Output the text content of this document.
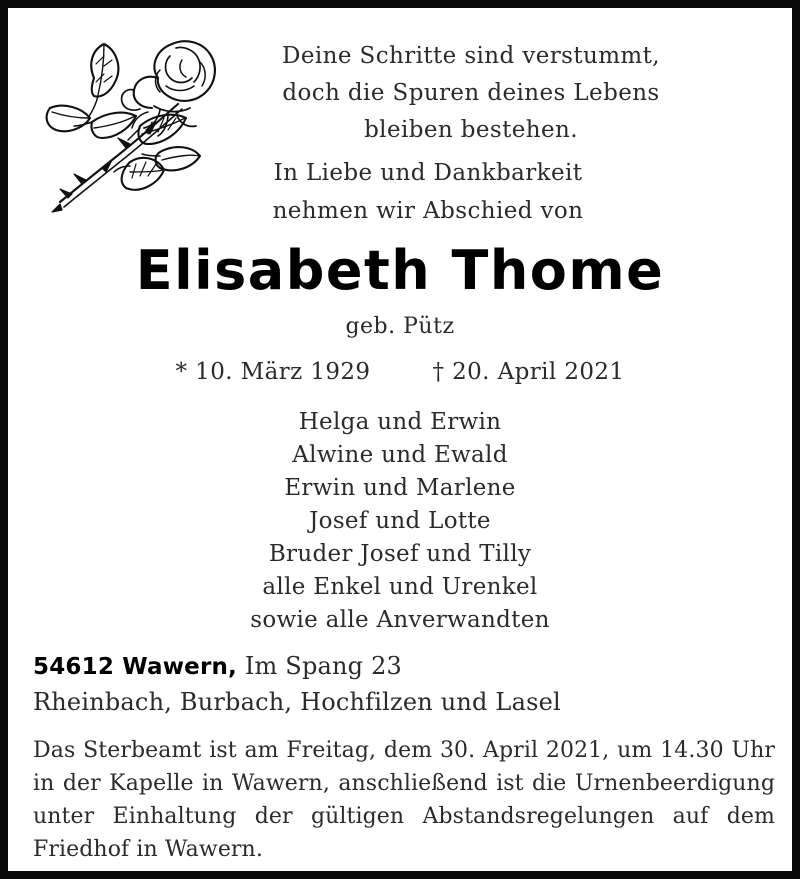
Deine Schritte sind verstummt,
doch die Spuren deines Lebens
bleiben bestehen.
In Liebe und Dankbarkeit
nehmen wir Abschied von
Elisabeth Thome
geb. Pütz
* 10. März 1929	† 20. April 2021
Helga und Erwin
Alwine und Ewald
Erwin und Marlene
Josef und Lotte
Bruder Josef und Tilly
alle Enkel und Urenkel
sowie alle Anverwandten
54612 Wawern, Im Spang 23
Rheinbach, Burbach, Hochfilzen und Lasel
Das Sterbeamt ist am Freitag, dem 30. April 2021, um 14.30 Uhr in der Kapelle in Wawern, anschließend ist die Urnenbeerdigung unter Einhaltung der gültigen Abstandsregelungen auf dem Friedhof in Wawern.
